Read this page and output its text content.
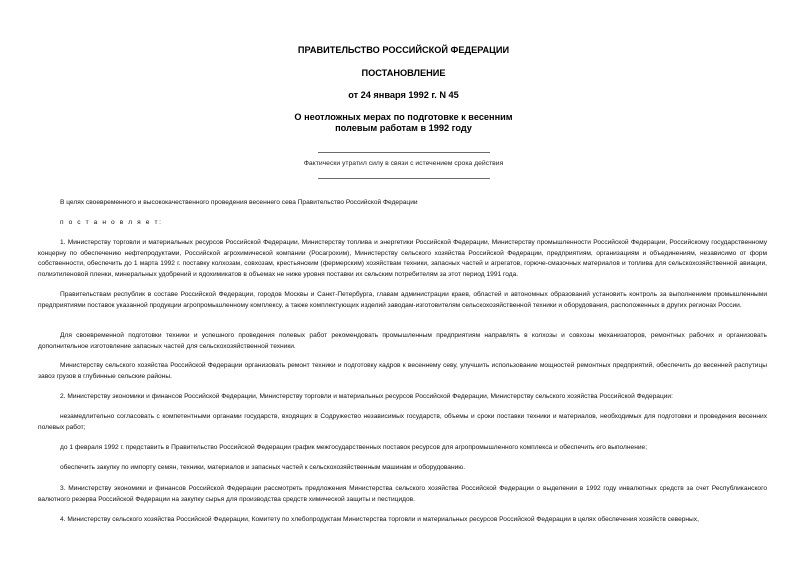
ПРАВИТЕЛЬСТВО РОССИЙСКОЙ ФЕДЕРАЦИИ
ПОСТАНОВЛЕНИЕ
от 24 января 1992 г. N 45
О неотложных мерах по подготовке к весенним
полевым работам в 1992 году
Фактически утратил силу в связи с истечением срока действия
В целях своевременного и высококачественного проведения весеннего сева Правительство Российской Федерации
п о с т а н о в л я е т:
1. Министерству торговли и материальных ресурсов Российской Федерации, Министерству топлива и энергетики Российской Федерации, Министерству промышленности Российской Федерации, Российскому государственному концерну по обеспечению нефтепродуктами, Российской агрохимической компании (Росагрохим), Министерству сельского хозяйства Российской Федерации, предприятиям, организациям и объединениям, независимо от форм собственности, обеспечить до 1 марта 1992 г. поставку колхозам, совхозам, крестьянским (фермерским) хозяйствам техники, запасных частей и агрегатов, горюче-смазочных материалов и топлива для сельскохозяйственной авиации, полиэтиленовой пленки, минеральных удобрений и ядохимикатов в объемах не ниже уровня поставки их сельским потребителям за этот период 1991 года.
Правительствам республик в составе Российской Федерации, городов Москвы и Санкт-Петербурга, главам администрации краев, областей и автономных образований установить контроль за выполнением промышленными предприятиями поставок указанной продукции агропромышленному комплексу, а также комплектующих изделий заводам-изготовителям сельскохозяйственной техники и оборудования, расположенных в других регионах России.
Для своевременной подготовки техники и успешного проведения полевых работ рекомендовать промышленным предприятиям направлять в колхозы и совхозы механизаторов, ремонтных рабочих и организовать дополнительное изготовление запасных частей для сельскохозяйственной техники.
Министерству сельского хозяйства Российской Федерации организовать ремонт техники и подготовку кадров к весеннему севу, улучшить использование мощностей ремонтных предприятий, обеспечить до весенней распутицы завоз грузов в глубинные сельские районы.
2. Министерству экономики и финансов Российской Федерации, Министерству торговли и материальных ресурсов Российской Федерации, Министерству сельского хозяйства Российской Федерации:
незамедлительно согласовать с компетентными органами государств, входящих в Содружество независимых государств, объемы и сроки поставки техники и материалов, необходимых для подготовки и проведения весенних полевых работ;
до 1 февраля 1992 г. представить в Правительство Российской Федерации график межгосударственных поставок ресурсов для агропромышленного комплекса и обеспечить его выполнение;
обеспечить закупку по импорту семян, техники, материалов и запасных частей к сельскохозяйственным машинам и оборудованию.
3. Министерству экономики и финансов Российской Федерации рассмотреть предложения Министерства сельского хозяйства Российской Федерации о выделении в 1992 году инвалютных средств за счет Республиканского валютного резерва Российской Федерации на закупку сырья для производства средств химической защиты и пестицидов.
4. Министерству сельского хозяйства Российской Федерации, Комитету по хлебопродуктам Министерства торговли и материальных ресурсов Российской Федерации в целях обеспечения хозяйств северных,
